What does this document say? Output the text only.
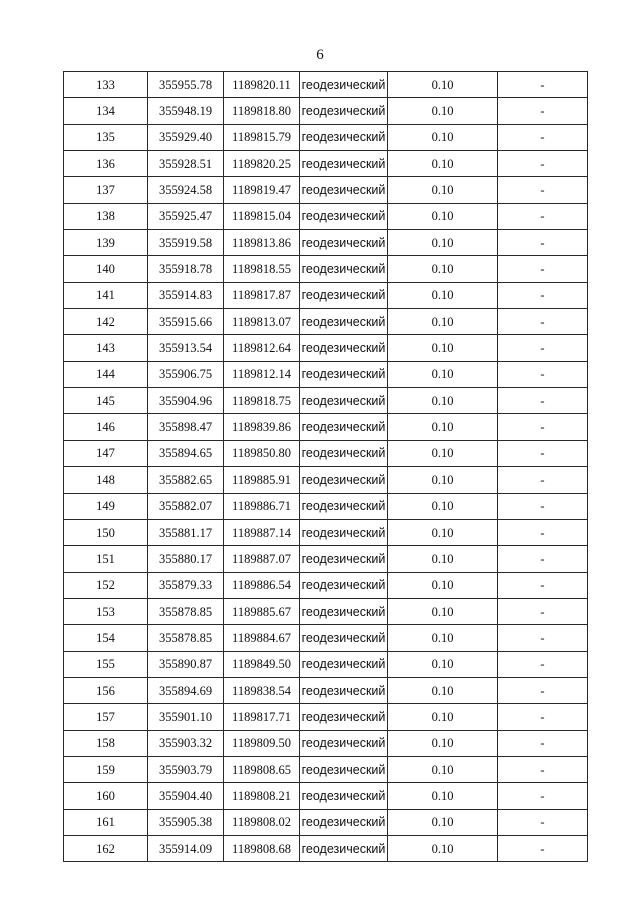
6
133	355955.78	1189820.11	геодезический	0.10	-
134	355948.19	1189818.80	геодезический	0.10	-
135	355929.40	1189815.79	геодезический	0.10	-
136	355928.51	1189820.25	геодезический	0.10	-
137	355924.58	1189819.47	геодезический	0.10	-
138	355925.47	1189815.04	геодезический	0.10	-
139	355919.58	1189813.86	геодезический	0.10	-
140	355918.78	1189818.55	геодезический	0.10	-
141	355914.83	1189817.87	геодезический	0.10	-
142	355915.66	1189813.07	геодезический	0.10	-
143	355913.54	1189812.64	геодезический	0.10	-
144	355906.75	1189812.14	геодезический	0.10	-
145	355904.96	1189818.75	геодезический	0.10	-
146	355898.47	1189839.86	геодезический	0.10	-
147	355894.65	1189850.80	геодезический	0.10	-
148	355882.65	1189885.91	геодезический	0.10	-
149	355882.07	1189886.71	геодезический	0.10	-
150	355881.17	1189887.14	геодезический	0.10	-
151	355880.17	1189887.07	геодезический	0.10	-
152	355879.33	1189886.54	геодезический	0.10	-
153	355878.85	1189885.67	геодезический	0.10	-
154	355878.85	1189884.67	геодезический	0.10	-
155	355890.87	1189849.50	геодезический	0.10	-
156	355894.69	1189838.54	геодезический	0.10	-
157	355901.10	1189817.71	геодезический	0.10	-
158	355903.32	1189809.50	геодезический	0.10	-
159	355903.79	1189808.65	геодезический	0.10	-
160	355904.40	1189808.21	геодезический	0.10	-
161	355905.38	1189808.02	геодезический	0.10	-
162	355914.09	1189808.68	геодезический	0.10	-
